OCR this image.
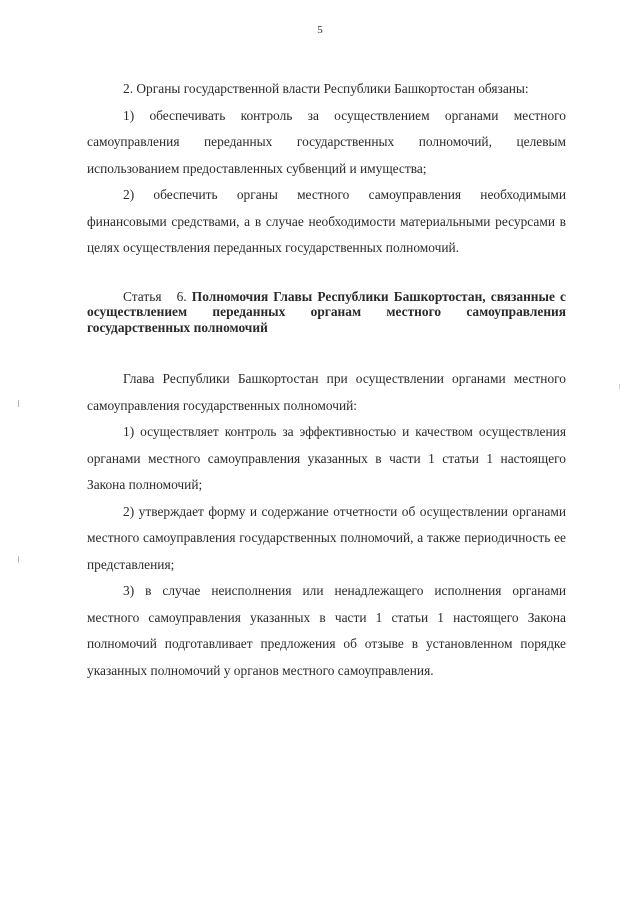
5

2. Органы государственной власти Республики Башкортостан обязаны:

1) обеспечивать контроль за осуществлением органами местного самоуправления переданных государственных полномочий, целевым использованием предоставленных субвенций и имущества;

2) обеспечить органы местного самоуправления необходимыми финансовыми средствами, а в случае необходимости материальными ресурсами в целях осуществления переданных государственных полномочий.

Статья 6. Полномочия Главы Республики Башкортостан, связанные с осуществлением переданных органам местного самоуправления государственных полномочий

Глава Республики Башкортостан при осуществлении органами местного самоуправления государственных полномочий:

1) осуществляет контроль за эффективностью и качеством осуществления органами местного самоуправления указанных в части 1 статьи 1 настоящего Закона полномочий;

2) утверждает форму и содержание отчетности об осуществлении органами местного самоуправления государственных полномочий, а также периодичность ее представления;

3) в случае неисполнения или ненадлежащего исполнения органами местного самоуправления указанных в части 1 статьи 1 настоящего Закона полномочий подготавливает предложения об отзыве в установленном порядке указанных полномочий у органов местного самоуправления.
